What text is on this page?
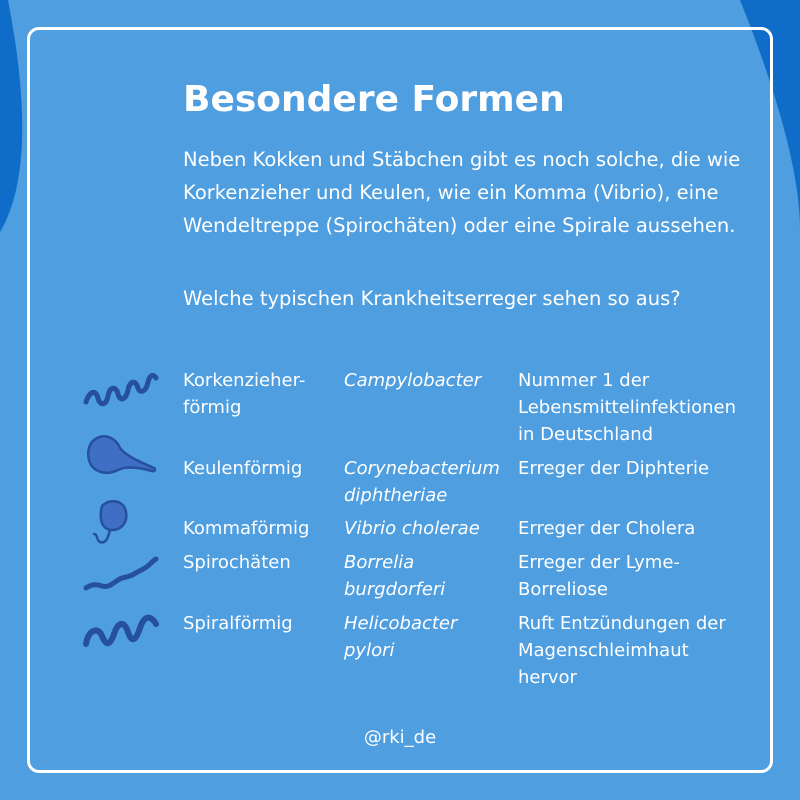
Besondere Formen

Neben Kokken und Stäbchen gibt es noch solche, die wie
Korkenzieher und Keulen, wie ein Komma (Vibrio), eine
Wendeltreppe (Spirochäten) oder eine Spirale aussehen.

Welche typischen Krankheitserreger sehen so aus?

Korkenzieher-
förmig

Campylobacter Nummer 1 der
Lebensmittelinfektionen
in Deutschland

Keulenförmig Corynebacterium
diphtheriae

Erreger der Diphterie

Kommaförmig Vibrio cholerae Erreger der Cholera

Spirochäten	Borrelia
burgdorferi

Erreger der Lyme-
Borreliose

Spiralförmig	Helicobacter
pylori

Ruft Entzündungen der
Magenschleimhaut
hervor

@rki_de
